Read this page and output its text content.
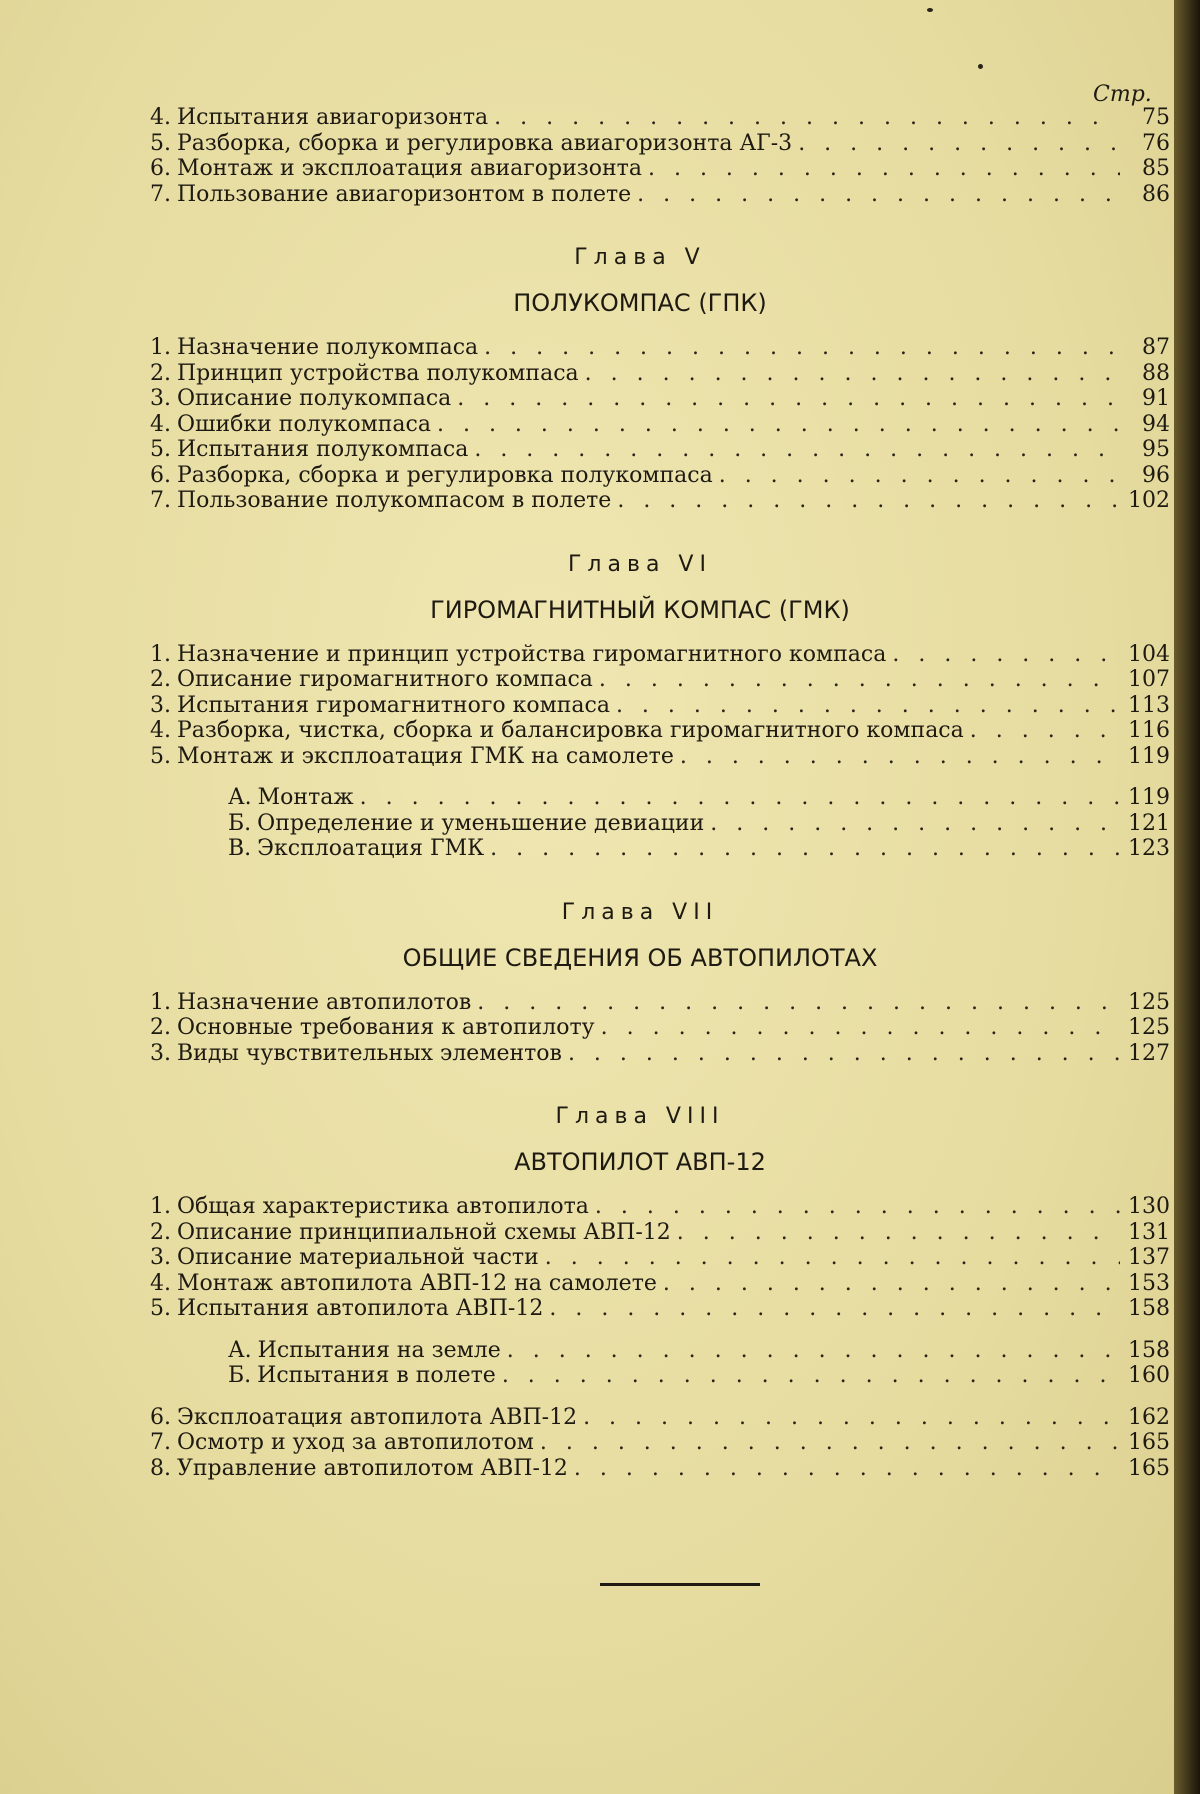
Стр.
4. Испытания авиагоризонта . . .	75
5. Разборка, сборка и регулировка авиагоризонта АГ-3 . . .	76
6. Монтаж и эксплоатация авиагоризонта . . .	85
7. Пользование авиагоризонтом в полете . . .	86
Глава V
ПОЛУКОМПАС (ГПК)
1. Назначение полукомпаса . . .	87
2. Принцип устройства полукомпаса . . .	88
3. Описание полукомпаса . . .	91
4. Ошибки полукомпаса . . .	94
5. Испытания полукомпаса . . .	95
6. Разборка, сборка и регулировка полукомпаса . . .	96
7. Пользование полукомпасом в полете . . .	102
Глава VI
ГИРОМАГНИТНЫЙ КОМПАС (ГМК)
1. Назначение и принцип устройства гиромагнитного компаса . . .	104
2. Описание гиромагнитного компаса . . .	107
3. Испытания гиромагнитного компаса . . .	113
4. Разборка, чистка, сборка и балансировка гиромагнитного компаса . . .	116
5. Монтаж и эксплоатация ГМК на самолете . . .	119
А. Монтаж . . .	119
Б. Определение и уменьшение девиации . . .	121
В. Эксплоатация ГМК . . .	123
Глава VII
ОБЩИЕ СВЕДЕНИЯ ОБ АВТОПИЛОТАХ
1. Назначение автопилотов . . .	125
2. Основные требования к автопилоту . . .	125
3. Виды чувствительных элементов . . .	127
Глава VIII
АВТОПИЛОТ АВП-12
1. Общая характеристика автопилота . . .	130
2. Описание принципиальной схемы АВП-12 . . .	131
3. Описание материальной части . . .	137
4. Монтаж автопилота АВП-12 на самолете . . .	153
5. Испытания автопилота АВП-12 . . .	158
А. Испытания на земле . . .	158
Б. Испытания в полете . . .	160
6. Эксплоатация автопилота АВП-12 . . .	162
7. Осмотр и уход за автопилотом . . .	165
8. Управление автопилотом АВП-12 . . .	165
